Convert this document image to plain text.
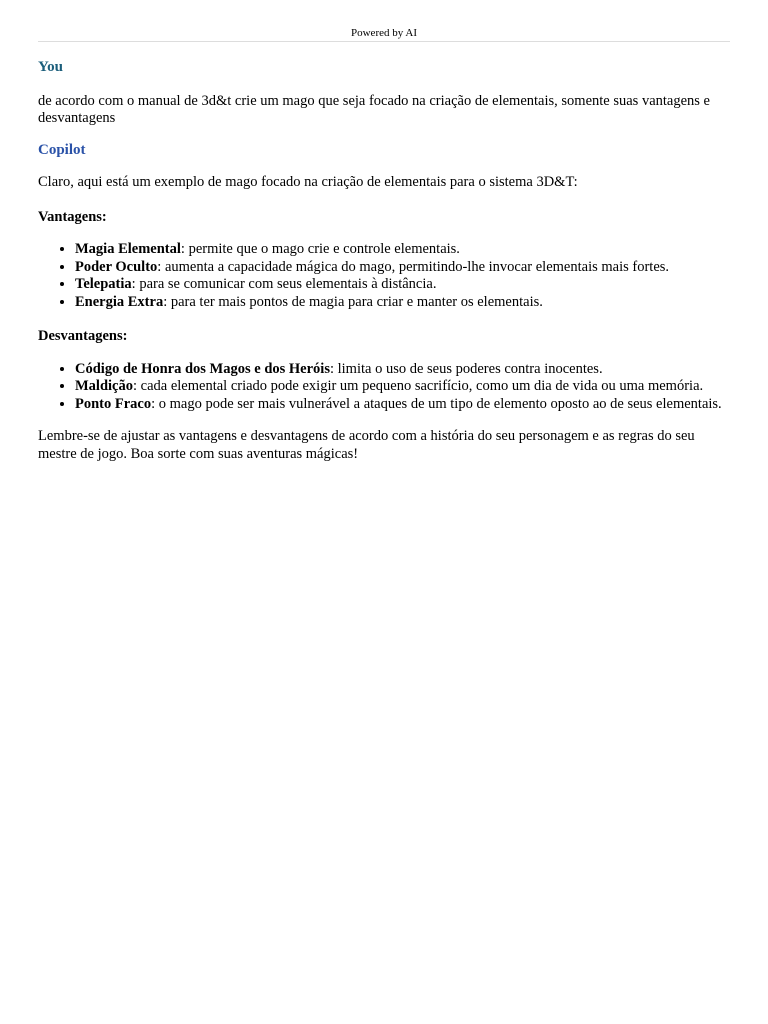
Powered by AI

You

de acordo com o manual de 3d&t crie um mago que seja focado na criação de elementais, somente suas vantagens e desvantagens

Copilot

Claro, aqui está um exemplo de mago focado na criação de elementais para o sistema 3D&T:

Vantagens:

• Magia Elemental: permite que o mago crie e controle elementais.
• Poder Oculto: aumenta a capacidade mágica do mago, permitindo-lhe invocar elementais mais fortes.
• Telepatia: para se comunicar com seus elementais à distância.
• Energia Extra: para ter mais pontos de magia para criar e manter os elementais.

Desvantagens:

• Código de Honra dos Magos e dos Heróis: limita o uso de seus poderes contra inocentes.
• Maldição: cada elemental criado pode exigir um pequeno sacrifício, como um dia de vida ou uma memória.
• Ponto Fraco: o mago pode ser mais vulnerável a ataques de um tipo de elemento oposto ao de seus elementais.

Lembre-se de ajustar as vantagens e desvantagens de acordo com a história do seu personagem e as regras do seu mestre de jogo. Boa sorte com suas aventuras mágicas!
